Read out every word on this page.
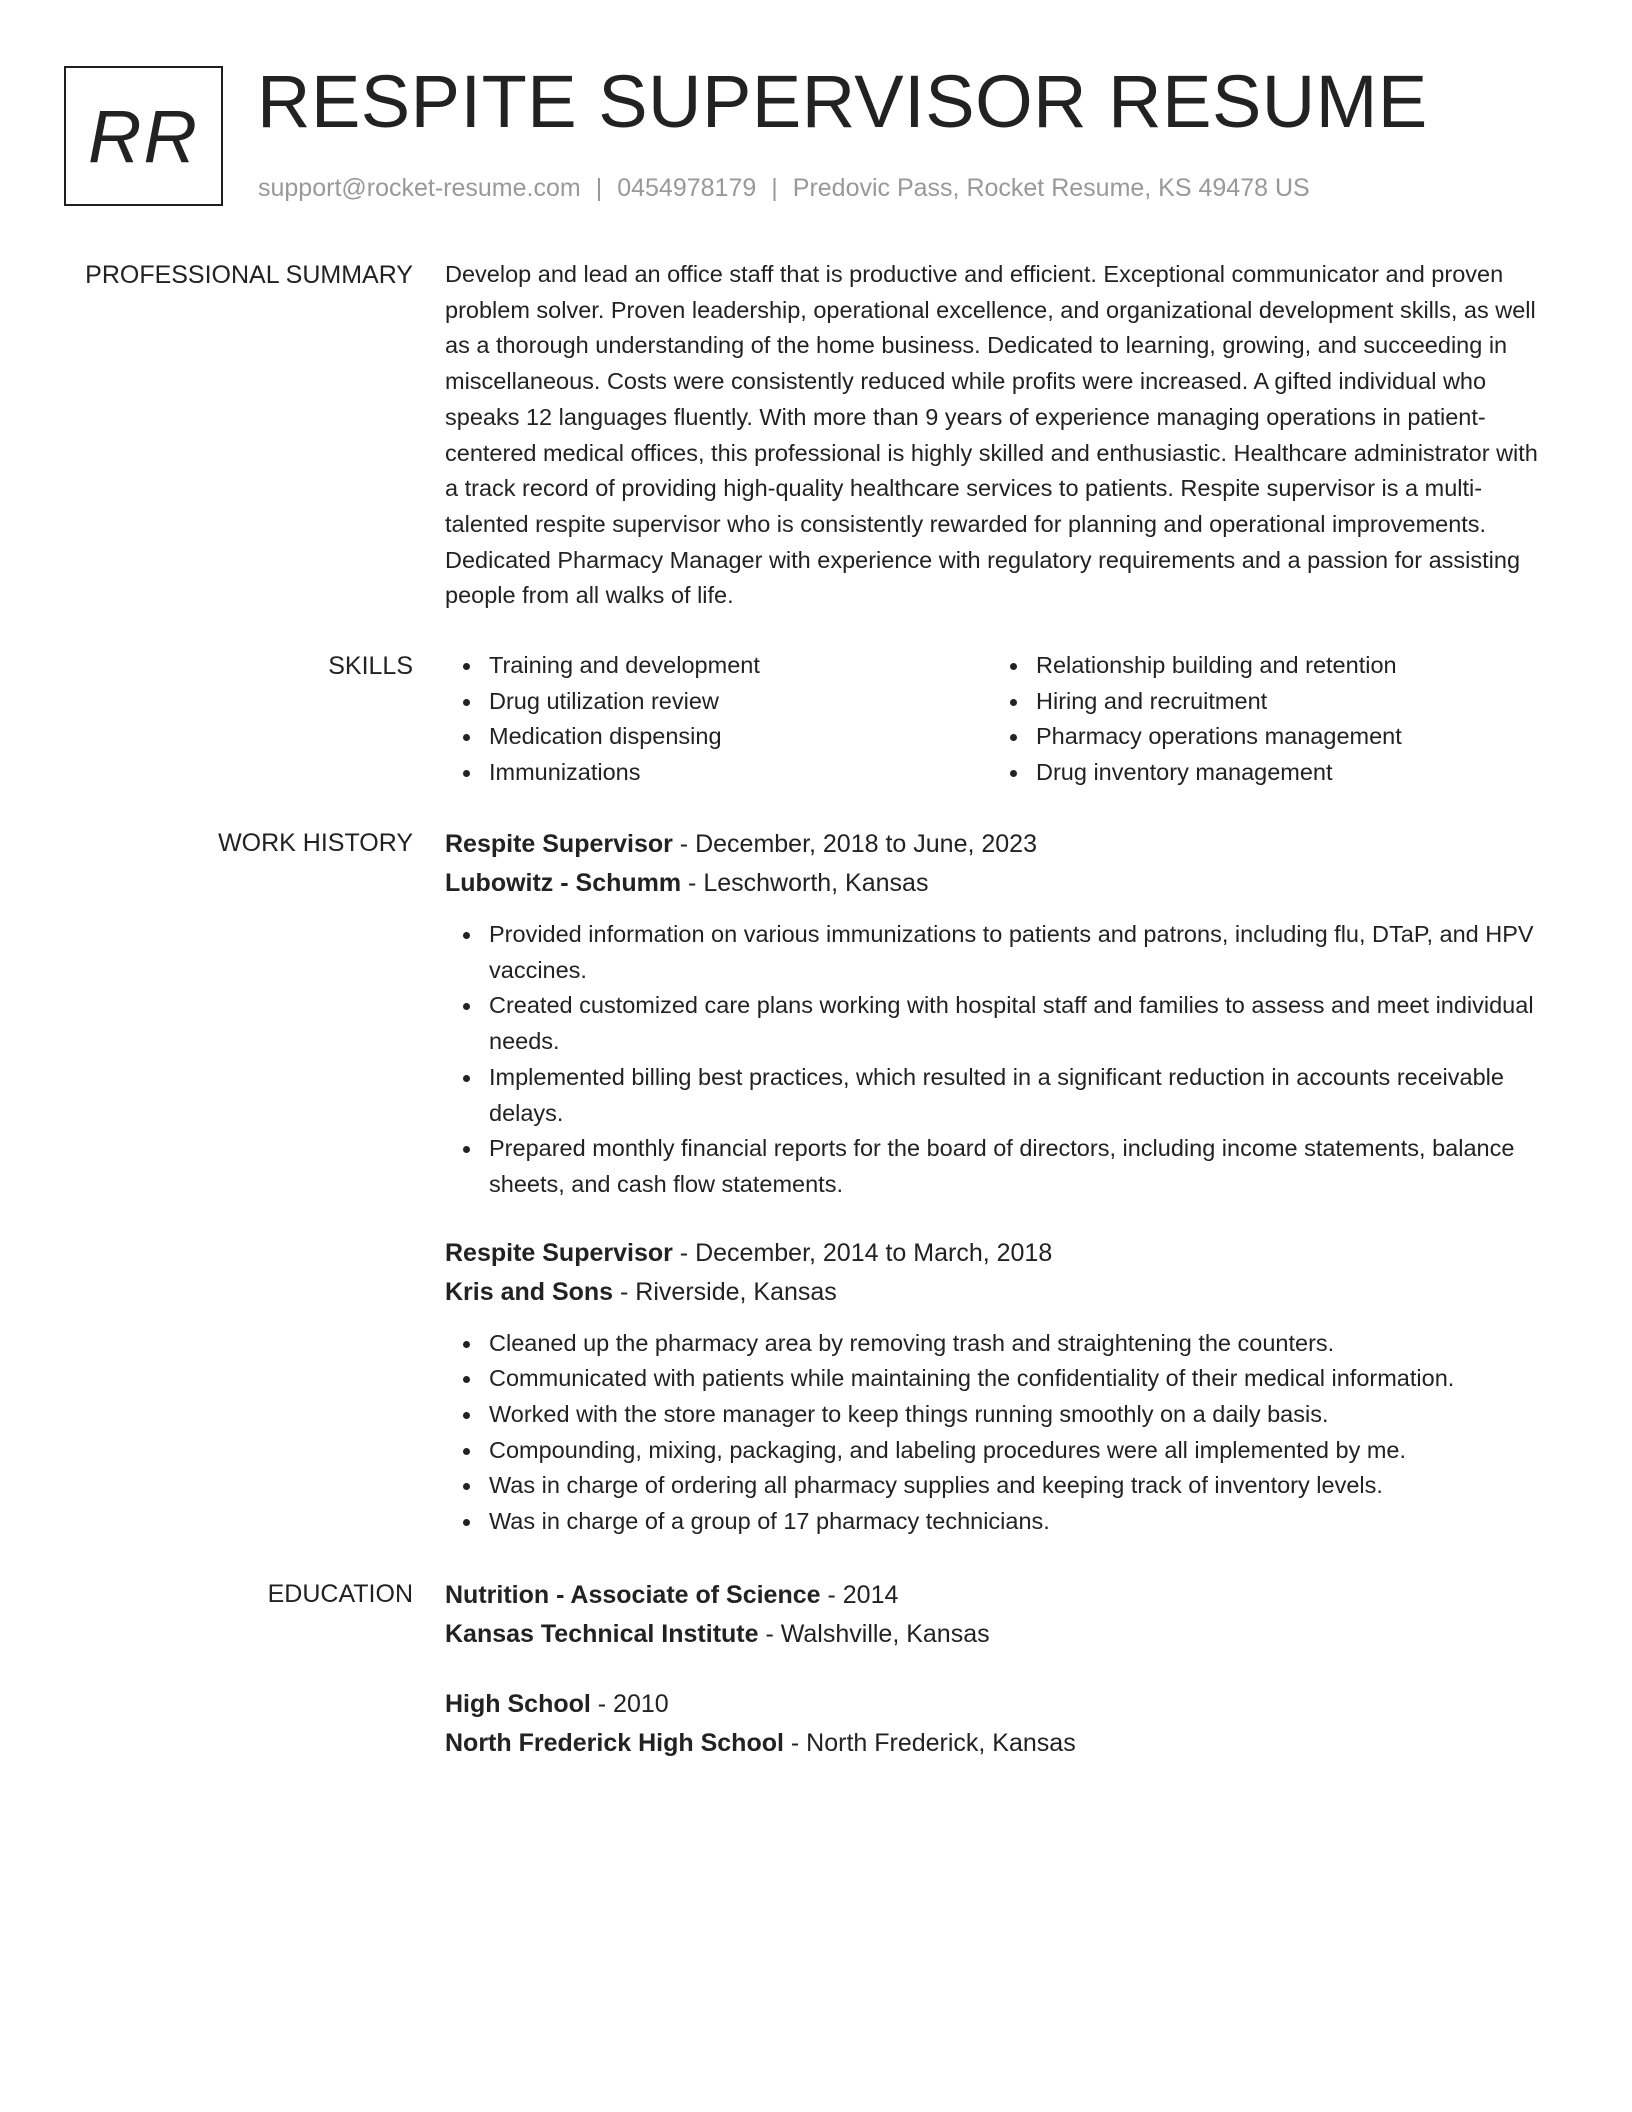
RR RESPITE SUPERVISOR RESUME
support@rocket-resume.com | 0454978179 | Predovic Pass, Rocket Resume, KS 49478 US
PROFESSIONAL SUMMARY Develop and lead an office staff that is productive and efficient. Exceptional communicator and proven problem solver. Proven leadership, operational excellence, and organizational development skills, as well as a thorough understanding of the home business. Dedicated to learning, growing, and succeeding in miscellaneous. Costs were consistently reduced while profits were increased. A gifted individual who speaks 12 languages fluently. With more than 9 years of experience managing operations in patient-centered medical offices, this professional is highly skilled and enthusiastic. Healthcare administrator with a track record of providing high-quality healthcare services to patients. Respite supervisor is a multi-talented respite supervisor who is consistently rewarded for planning and operational improvements. Dedicated Pharmacy Manager with experience with regulatory requirements and a passion for assisting people from all walks of life.
SKILLS	Training and development
Drug utilization review
Medication dispensing
Immunizations
Relationship building and retention
Hiring and recruitment
Pharmacy operations management
Drug inventory management
WORK HISTORY Respite Supervisor - December, 2018 to June, 2023
Lubowitz - Schumm - Leschworth, Kansas
Provided information on various immunizations to patients and patrons, including flu, DTaP, and HPV vaccines.
Created customized care plans working with hospital staff and families to assess and meet individual needs.
Implemented billing best practices, which resulted in a significant reduction in accounts receivable delays.
Prepared monthly financial reports for the board of directors, including income statements, balance sheets, and cash flow statements.
Respite Supervisor - December, 2014 to March, 2018
Kris and Sons - Riverside, Kansas
Cleaned up the pharmacy area by removing trash and straightening the counters.
Communicated with patients while maintaining the confidentiality of their medical information.
Worked with the store manager to keep things running smoothly on a daily basis.
Compounding, mixing, packaging, and labeling procedures were all implemented by me.
Was in charge of ordering all pharmacy supplies and keeping track of inventory levels.
Was in charge of a group of 17 pharmacy technicians.
EDUCATION Nutrition - Associate of Science - 2014
Kansas Technical Institute - Walshville, Kansas
High School - 2010
North Frederick High School - North Frederick, Kansas
